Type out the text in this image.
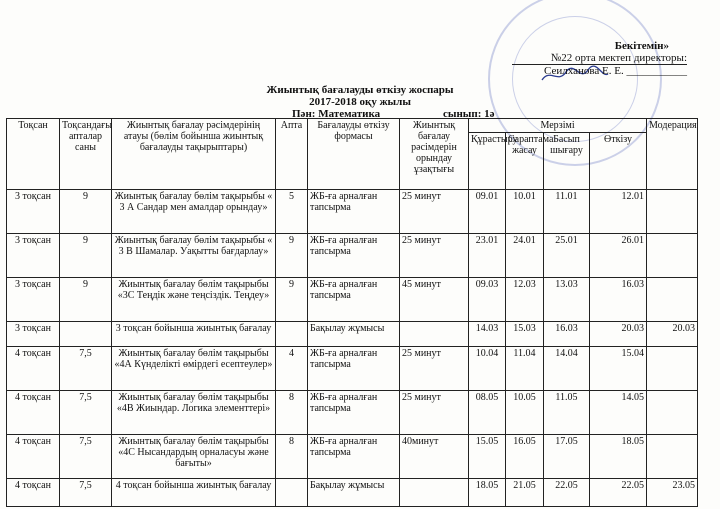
Бекітемін»
№22 орта мектеп директоры:
Сеилханова Е. Е. ___________
Жиынтық бағалауды өткізу жоспары
2017-2018 оқу жылы
Пән: Математика	сынып: 1ә
Тоқсан	Тоқсандағы апталар саны	Жиынтық бағалау рәсімдерінің атауы (бөлім бойынша жиынтық бағалауды тақырыптары)	Апта	Бағалауды өткізу формасы	Жиынтық бағалау рәсімдерін орындау ұзақтығы	Мерзімі				Модерация
						Құрастыру	Сараптама жасау	Басып шығару	Өткізу	
3 тоқсан	9	Жиынтық бағалау бөлім тақырыбы « 3 А Сандар мен амалдар орындау»	5	ЖБ-ға арналған тапсырма	25 минут	09.01	10.01	11.01	12.01	
3 тоқсан	9	Жиынтық бағалау бөлім тақырыбы « 3 В Шамалар. Уақытты бағдарлау»	9	ЖБ-ға арналған тапсырма	25 минут	23.01	24.01	25.01	26.01	
3 тоқсан	9	Жиынтық бағалау бөлім тақырыбы «3С Теңдік және теңсіздік. Теңдеу»	9	ЖБ-ға арналған тапсырма	45 минут	09.03	12.03	13.03	16.03	
3 тоқсан		3 тоқсан бойынша жиынтық бағалау		Бақылау жұмысы		14.03	15.03	16.03	20.03	20.03
4 тоқсан	7,5	Жиынтық бағалау бөлім тақырыбы «4А Күнделікті өмірдегі есептеулер»	4	ЖБ-ға арналған тапсырма	25 минут	10.04	11.04	14.04	15.04	
4 тоқсан	7,5	Жиынтық бағалау бөлім тақырыбы «4В Жиындар. Логика элементтері»	8	ЖБ-ға арналған тапсырма	25 минут	08.05	10.05	11.05	14.05	
4 тоқсан	7,5	Жиынтық бағалау бөлім тақырыбы «4С Нысандардың орналасуы және бағыты»	8	ЖБ-ға арналған тапсырма	40минут	15.05	16.05	17.05	18.05	
4 тоқсан	7,5	4 тоқсан бойынша жиынтық бағалау		Бақылау жұмысы		18.05	21.05	22.05	22.05	23.05
